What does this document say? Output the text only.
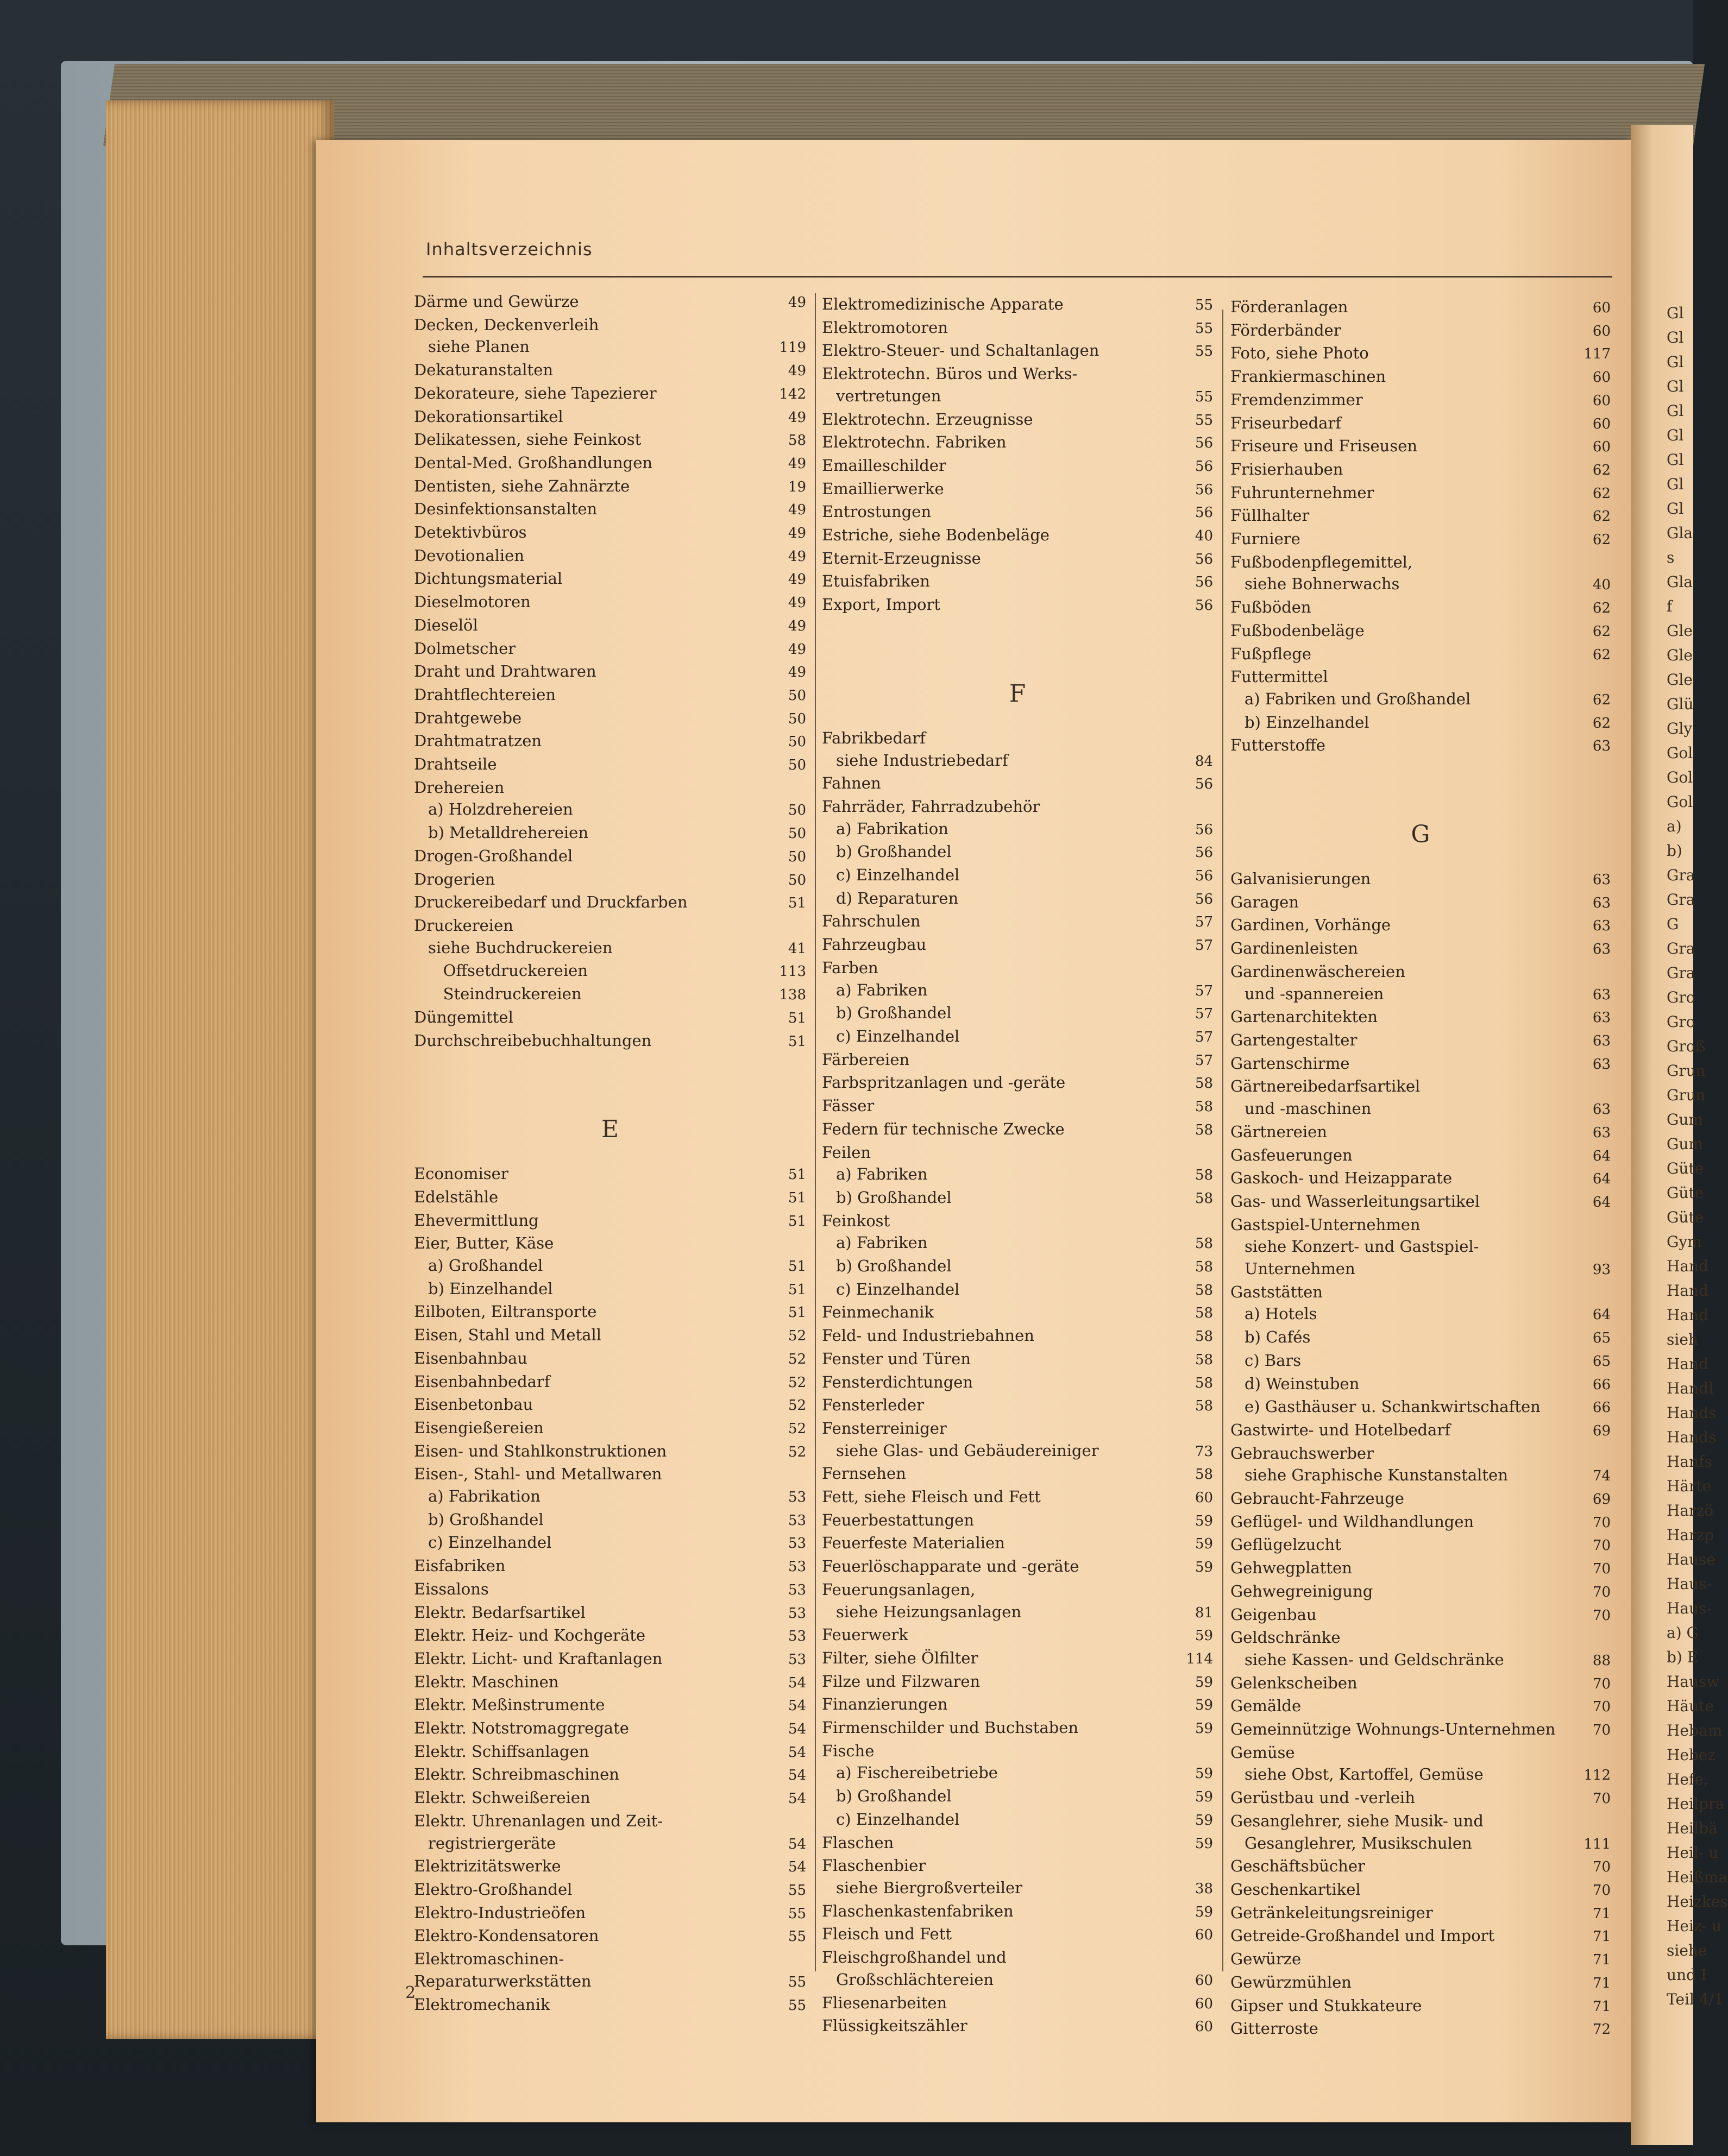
Inhaltsverzeichnis
Därme und Gewürze	49
Decken, Deckenverleih
siehe Planen	119
Dekaturanstalten	49
Dekorateure, siehe Tapezierer	142
Dekorationsartikel	49
Delikatessen, siehe Feinkost	58
Dental-Med. Großhandlungen	49
Dentisten, siehe Zahnärzte	19
Desinfektionsanstalten	49
Detektivbüros	49
Devotionalien	49
Dichtungsmaterial	49
Dieselmotoren	49
Dieselöl	49
Dolmetscher	49
Draht und Drahtwaren	49
Drahtflechtereien	50
Drahtgewebe	50
Drahtmatratzen	50
Drahtseile	50
Drehereien
a) Holzdrehereien	50
b) Metalldrehereien	50
Drogen-Großhandel	50
Drogerien	50
Druckereibedarf und Druckfarben	51
Druckereien
siehe Buchdruckereien	41
Offsetdruckereien	113
Steindruckereien	138
Düngemittel	51
Durchschreibebuchhaltungen	51
E
Economiser	51
Edelstähle	51
Ehevermittlung	51
Eier, Butter, Käse
a) Großhandel	51
b) Einzelhandel	51
Eilboten, Eiltransporte	51
Eisen, Stahl und Metall	52
Eisenbahnbau	52
Eisenbahnbedarf	52
Eisenbetonbau	52
Eisengießereien	52
Eisen- und Stahlkonstruktionen	52
Eisen-, Stahl- und Metallwaren
a) Fabrikation	53
b) Großhandel	53
c) Einzelhandel	53
Eisfabriken	53
Eissalons	53
Elektr. Bedarfsartikel	53
Elektr. Heiz- und Kochgeräte	53
Elektr. Licht- und Kraftanlagen	53
Elektr. Maschinen	54
Elektr. Meßinstrumente	54
Elektr. Notstromaggregate	54
Elektr. Schiffsanlagen	54
Elektr. Schreibmaschinen	54
Elektr. Schweißereien	54
Elektr. Uhrenanlagen und Zeit-
registriergeräte	54
Elektrizitätswerke	54
Elektro-Großhandel	55
Elektro-Industrieöfen	55
Elektro-Kondensatoren	55
Elektromaschinen-
Reparaturwerkstätten	55
Elektromechanik	55
Elektromedizinische Apparate	55
Elektromotoren	55
Elektro-Steuer- und Schaltanlagen	55
Elektrotechn. Büros und Werks-
vertretungen	55
Elektrotechn. Erzeugnisse	55
Elektrotechn. Fabriken	56
Emailleschilder	56
Emaillierwerke	56
Entrostungen	56
Estriche, siehe Bodenbeläge	40
Eternit-Erzeugnisse	56
Etuisfabriken	56
Export, Import	56
F
Fabrikbedarf
siehe Industriebedarf	84
Fahnen	56
Fahrräder, Fahrradzubehör
a) Fabrikation	56
b) Großhandel	56
c) Einzelhandel	56
d) Reparaturen	56
Fahrschulen	57
Fahrzeugbau	57
Farben
a) Fabriken	57
b) Großhandel	57
c) Einzelhandel	57
Färbereien	57
Farbspritzanlagen und -geräte	58
Fässer	58
Federn für technische Zwecke	58
Feilen
a) Fabriken	58
b) Großhandel	58
Feinkost
a) Fabriken	58
b) Großhandel	58
c) Einzelhandel	58
Feinmechanik	58
Feld- und Industriebahnen	58
Fenster und Türen	58
Fensterdichtungen	58
Fensterleder	58
Fensterreiniger
siehe Glas- und Gebäudereiniger	73
Fernsehen	58
Fett, siehe Fleisch und Fett	60
Feuerbestattungen	59
Feuerfeste Materialien	59
Feuerlöschapparate und -geräte	59
Feuerungsanlagen,
siehe Heizungsanlagen	81
Feuerwerk	59
Filter, siehe Ölfilter	114
Filze und Filzwaren	59
Finanzierungen	59
Firmenschilder und Buchstaben	59
Fische
a) Fischereibetriebe	59
b) Großhandel	59
c) Einzelhandel	59
Flaschen	59
Flaschenbier
siehe Biergroßverteiler	38
Flaschenkastenfabriken	59
Fleisch und Fett	60
Fleischgroßhandel und
Großschlächtereien	60
Fliesenarbeiten	60
Flüssigkeitszähler	60
Förderanlagen	60
Förderbänder	60
Foto, siehe Photo	117
Frankiermaschinen	60
Fremdenzimmer	60
Friseurbedarf	60
Friseure und Friseusen	60
Frisierhauben	62
Fuhrunternehmer	62
Füllhalter	62
Furniere	62
Fußbodenpflegemittel,
siehe Bohnerwachs	40
Fußböden	62
Fußbodenbeläge	62
Fußpflege	62
Futtermittel
a) Fabriken und Großhandel	62
b) Einzelhandel	62
Futterstoffe	63
G
Galvanisierungen	63
Garagen	63
Gardinen, Vorhänge	63
Gardinenleisten	63
Gardinenwäschereien
und -spannereien	63
Gartenarchitekten	63
Gartengestalter	63
Gartenschirme	63
Gärtnereibedarfsartikel
und -maschinen	63
Gärtnereien	63
Gasfeuerungen	64
Gaskoch- und Heizapparate	64
Gas- und Wasserleitungsartikel	64
Gastspiel-Unternehmen
siehe Konzert- und Gastspiel-
Unternehmen	93
Gaststätten
a) Hotels	64
b) Cafés	65
c) Bars	65
d) Weinstuben	66
e) Gasthäuser u. Schankwirtschaften	66
Gastwirte- und Hotelbedarf	69
Gebrauchswerber
siehe Graphische Kunstanstalten	74
Gebraucht-Fahrzeuge	69
Geflügel- und Wildhandlungen	70
Geflügelzucht	70
Gehwegplatten	70
Gehwegreinigung	70
Geigenbau	70
Geldschränke
siehe Kassen- und Geldschränke	88
Gelenkscheiben	70
Gemälde	70
Gemeinnützige Wohnungs-Unternehmen	70
Gemüse
siehe Obst, Kartoffel, Gemüse	112
Gerüstbau und -verleih	70
Gesanglehrer, siehe Musik- und
Gesanglehrer, Musikschulen	111
Geschäftsbücher	70
Geschenkartikel	70
Getränkeleitungsreiniger	71
Getreide-Großhandel und Import	71
Gewürze	71
Gewürzmühlen	71
Gipser und Stukkateure	71
Gitterroste	72
2
Gl
Gl
Gl
Gl
Gl
Gl
Gl
Gl
Gl
Gla
s
Gla
f
Gle
Gle
Gle
Glü
Gly
Gol
Gol
Gol
a)
b)
Gra
Gra
G
Gra
Gra
Gro
Gro
Groß
Grun
Grun
Gum
Gum
Güte
Güte
Güte
Gym
Hand
Hand
Hand
sieh
Hand
Handl
Hands
Hands
Hanfs
Härte
Harzö
Harzp
Hause
Haus-
Haus-
a) G
b) E
Hausw
Häute
Hebam
Hebez
Hefe,
Heilpra
Heilbä
Heil- u
Heißma
Heizkes
Heiz- u
siehe
und I
Teil 4/1
